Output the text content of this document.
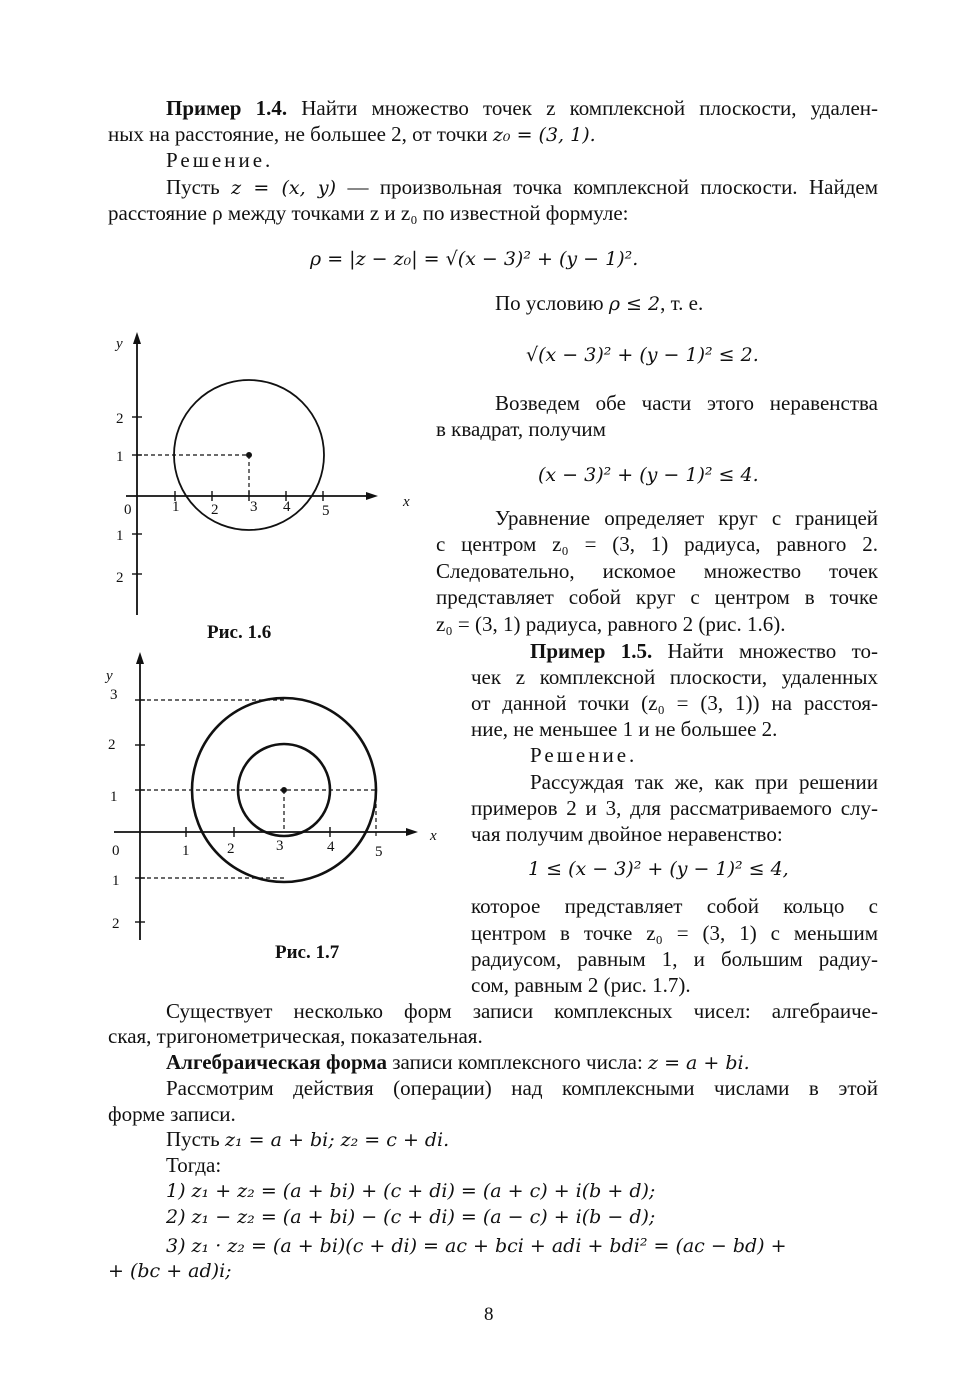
Пример 1.4. Найти множество точек z комплексной плоскости, удален-
ных на расстояние, не большее 2, от точки z₀ = (3, 1).
Решение.
Пусть z = (x, y) — произвольная точка комплексной плоскости. Найдем
расстояние ρ между точками z и z₀ по известной формуле:
ρ = |z − z₀| = √(x − 3)² + (y − 1)².
По условию ρ ≤ 2, т. е.
√(x − 3)² + (y − 1)² ≤ 2.
Возведем обе части этого неравенства
в квадрат, получим
(x − 3)² + (y − 1)² ≤ 4.
Уравнение определяет круг с границей
с центром z₀ = (3, 1) радиуса, равного 2.
Следовательно, искомое множество точек
представляет собой круг с центром в точке
z₀ = (3, 1) радиуса, равного 2 (рис. 1.6).
Пример 1.5. Найти множество то-
чек z комплексной плоскости, удаленных
от данной точки (z₀ = (3, 1)) на расстоя-
ние, не меньшее 1 и не большее 2.
Решение.
Рассуждая так же, как при решении
примеров 2 и 3, для рассматриваемого слу-
чая получим двойное неравенство:
1 ≤ (x − 3)² + (y − 1)² ≤ 4,
которое представляет собой кольцо с
центром в точке z₀ = (3, 1) с меньшим
радиусом, равным 1, и большим радиу-
сом, равным 2 (рис. 1.7).
Существует несколько форм записи комплексных чисел: алгебраиче-
ская, тригонометрическая, показательная.
Алгебраическая форма записи комплексного числа: z = a + bi.
Рассмотрим действия (операции) над комплексными числами в этой
форме записи.
Пусть z₁ = a + bi; z₂ = c + di.
Тогда:
1) z₁ + z₂ = (a + bi) + (c + di) = (a + c) + i(b + d);
2) z₁ − z₂ = (a + bi) − (c + di) = (a − c) + i(b − d);
3) z₁ · z₂ = (a + bi)(c + di) = ac + bci + adi + bdi² = (ac − bd) +
+ (bc + ad)i;
8
y
x
0	1 2 3 4 5
2
1
1
2
Рис. 1.6
y
x
0	1	2	3	4	5
3
2
1
1
2
Рис. 1.7
